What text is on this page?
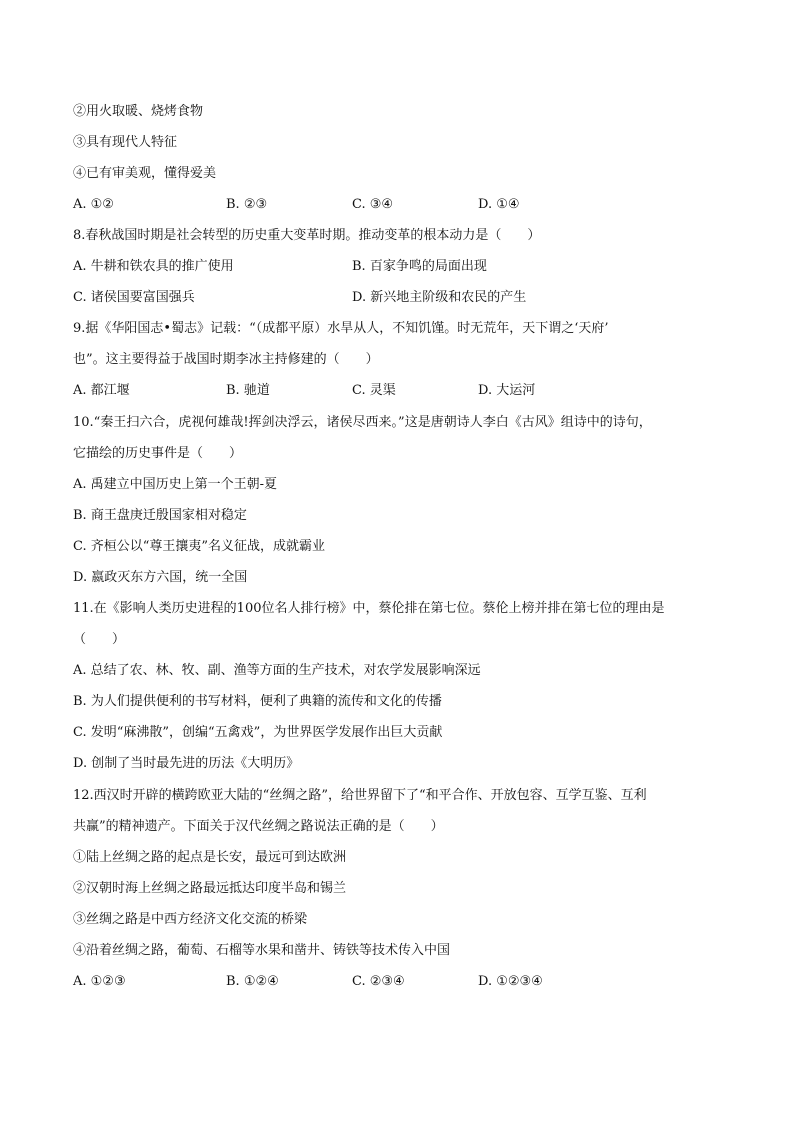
②用火取暖、烧烤食物
③具有现代人特征
④已有审美观，懂得爱美
A. ①②	B. ②③	C. ③④	D. ①④
8.春秋战国时期是社会转型的历史重大变革时期。推动变革的根本动力是（　　）
A. 牛耕和铁农具的推广使用	B. 百家争鸣的局面出现
C. 诸侯国要富国强兵	D. 新兴地主阶级和农民的产生
9.据《华阳国志•蜀志》记载：“（成都平原）水旱从人，不知饥馑。时无荒年，天下谓之‘天府’
也”。这主要得益于战国时期李冰主持修建的（　　）
A. 都江堰	B. 驰道	C. 灵渠	D. 大运河
10.“秦王扫六合，虎视何雄哉!挥剑决浮云，诸侯尽西来。”这是唐朝诗人李白《古风》组诗中的诗句，
它描绘的历史事件是（　　）
A. 禹建立中国历史上第一个王朝-夏
B. 商王盘庚迁殷国家相对稳定
C. 齐桓公以“尊王攘夷”名义征战，成就霸业
D. 嬴政灭东方六国，统一全国
11.在《影响人类历史进程的100位名人排行榜》中，蔡伦排在第七位。蔡伦上榜并排在第七位的理由是
（　　）
A. 总结了农、林、牧、副、渔等方面的生产技术，对农学发展影响深远
B. 为人们提供便利的书写材料，便利了典籍的流传和文化的传播
C. 发明“麻沸散”，创编“五禽戏”，为世界医学发展作出巨大贡献
D. 创制了当时最先进的历法《大明历》
12.西汉时开辟的横跨欧亚大陆的“丝绸之路”，给世界留下了“和平合作、开放包容、互学互鉴、互利
共赢”的精神遗产。下面关于汉代丝绸之路说法正确的是（　　）
①陆上丝绸之路的起点是长安，最远可到达欧洲
②汉朝时海上丝绸之路最远抵达印度半岛和锡兰
③丝绸之路是中西方经济文化交流的桥梁
④沿着丝绸之路，葡萄、石榴等水果和凿井、铸铁等技术传入中国
A. ①②③	B. ①②④	C. ②③④	D. ①②③④
